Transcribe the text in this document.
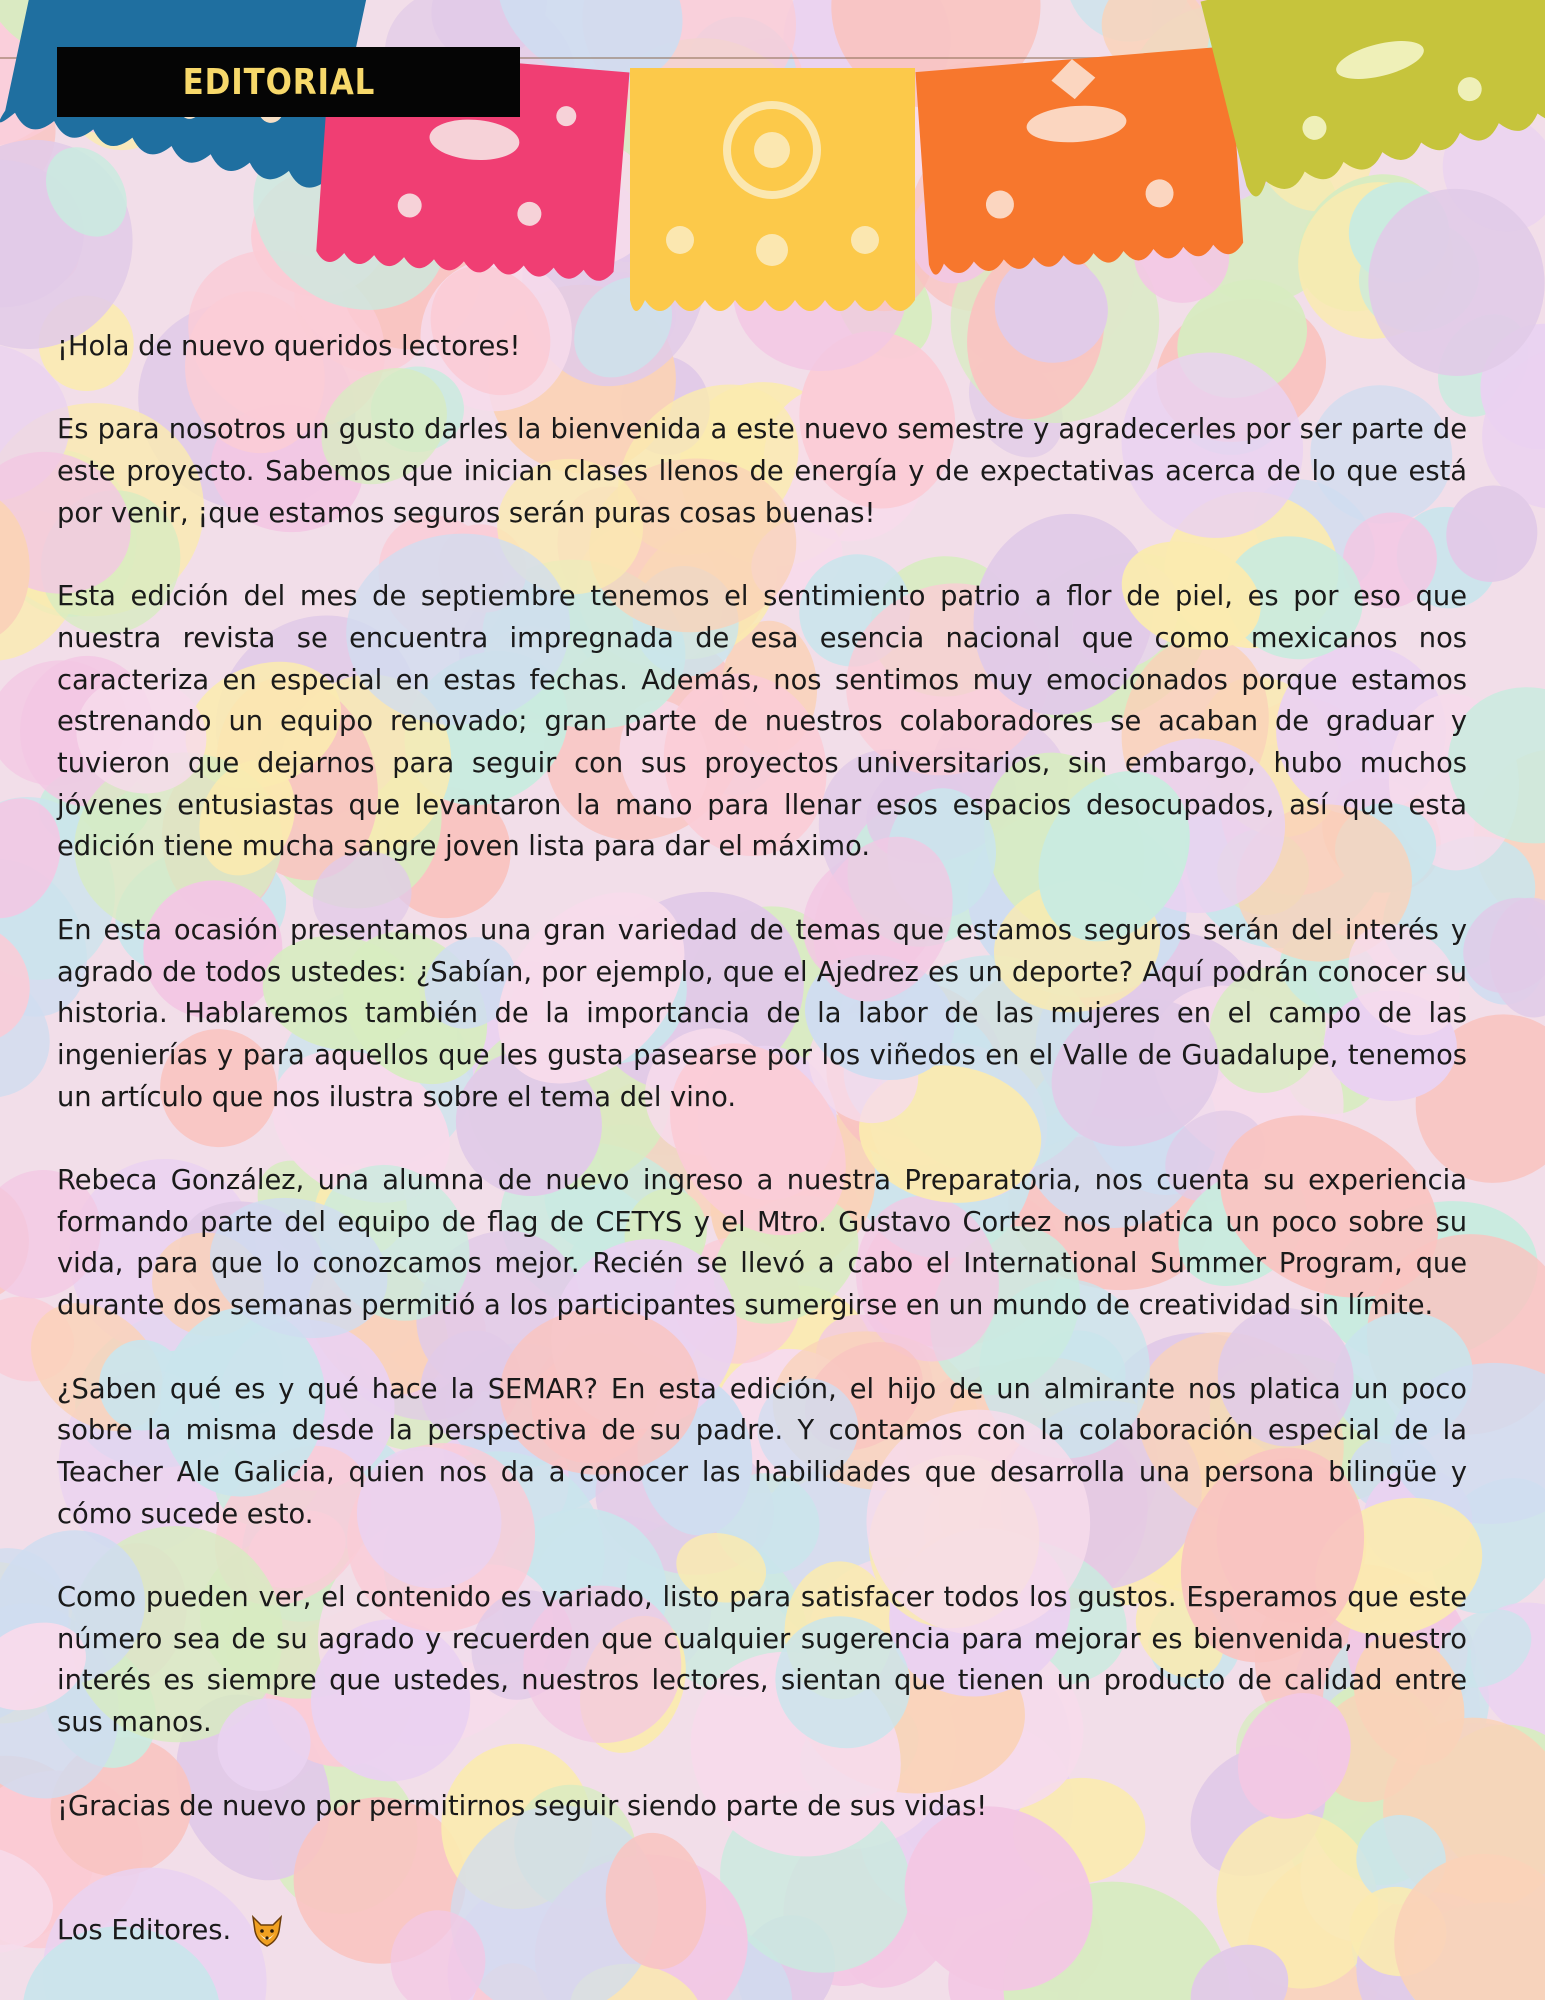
EDITORIAL

¡Hola de nuevo queridos lectores!

Es para nosotros un gusto darles la bienvenida a este nuevo semestre y agradecerles por ser parte de este proyecto. Sabemos que inician clases llenos de energía y de expectativas acerca de lo que está por venir, ¡que estamos seguros serán puras cosas buenas!

Esta edición del mes de septiembre tenemos el sentimiento patrio a flor de piel, es por eso que nuestra revista se encuentra impregnada de esa esencia nacional que como mexicanos nos caracteriza en especial en estas fechas. Además, nos sentimos muy emocionados porque estamos estrenando un equipo renovado; gran parte de nuestros colaboradores se acaban de graduar y tuvieron que dejarnos para seguir con sus proyectos universitarios, sin embargo, hubo muchos jóvenes entusiastas que levantaron la mano para llenar esos espacios desocupados, así que esta edición tiene mucha sangre joven lista para dar el máximo.

En esta ocasión presentamos una gran variedad de temas que estamos seguros serán del interés y agrado de todos ustedes: ¿Sabían, por ejemplo, que el Ajedrez es un deporte? Aquí podrán conocer su historia. Hablaremos también de la importancia de la labor de las mujeres en el campo de las ingenierías y para aquellos que les gusta pasearse por los viñedos en el Valle de Guadalupe, tenemos un artículo que nos ilustra sobre el tema del vino.

Rebeca González, una alumna de nuevo ingreso a nuestra Preparatoria, nos cuenta su experiencia formando parte del equipo de flag de CETYS y el Mtro. Gustavo Cortez nos platica un poco sobre su vida, para que lo conozcamos mejor. Recién se llevó a cabo el International Summer Program, que durante dos semanas permitió a los participantes sumergirse en un mundo de creatividad sin límite.

¿Saben qué es y qué hace la SEMAR? En esta edición, el hijo de un almirante nos platica un poco sobre la misma desde la perspectiva de su padre. Y contamos con la colaboración especial de la Teacher Ale Galicia, quien nos da a conocer las habilidades que desarrolla una persona bilingüe y cómo sucede esto.

Como pueden ver, el contenido es variado, listo para satisfacer todos los gustos. Esperamos que este número sea de su agrado y recuerden que cualquier sugerencia para mejorar es bienvenida, nuestro interés es siempre que ustedes, nuestros lectores, sientan que tienen un producto de calidad entre sus manos.

¡Gracias de nuevo por permitirnos seguir siendo parte de sus vidas!

Los Editores.
